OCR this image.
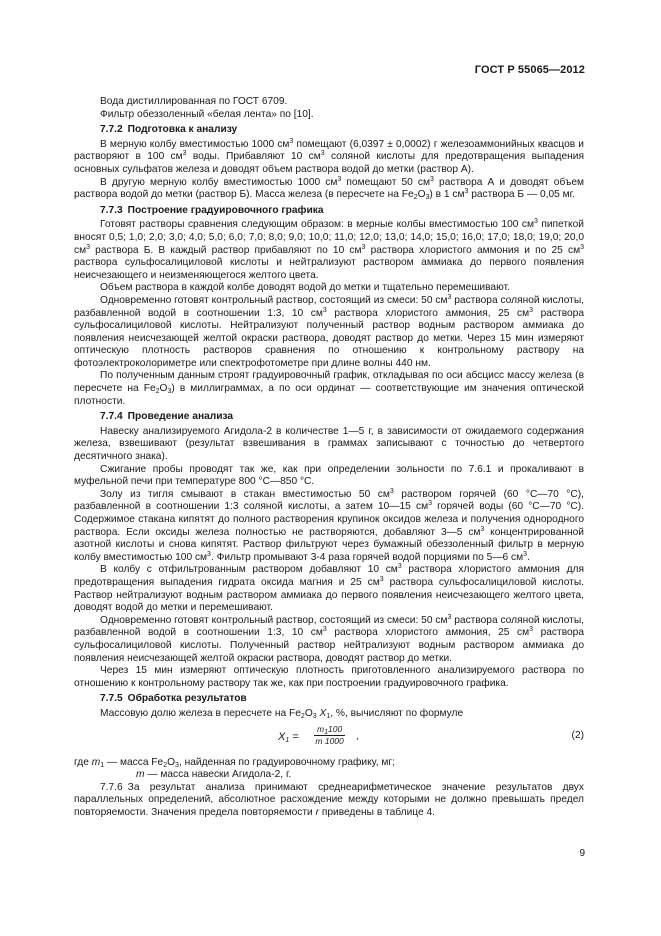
ГОСТ Р 55065—2012

Вода дистиллированная по ГОСТ 6709.

Фильтр обеззоленный «белая лента» по [10].

7.7.2 Подготовка к анализу

В мерную колбу вместимостью 1000 $см^3$ помещают (6,0397 ± 0,0002) г железоаммонийных квасцов и растворяют в 100 $см^3$ воды. Прибавляют 10 $см^3$ соляной кислоты для предотвращения выпадения основных сульфатов железа и доводят объем раствора водой до метки (раствор А).

В другую мерную колбу вместимостью 1000 $см^3$ помещают 50 $см^3$ раствора А и доводят объем раствора водой до метки (раствор Б). Масса железа (в пересчете на $Fe_2O_3$) в 1 $см^3$ раствора Б — 0,05 мг.

7.7.3 Построение градуировочного графика

Готовят растворы сравнения следующим образом: в мерные колбы вместимостью 100 $см^3$ пипеткой вносят 0,5; 1,0; 2,0; 3,0; 4,0; 5,0; 6,0; 7,0; 8,0; 9,0; 10,0; 11,0; 12,0; 13,0; 14,0; 15,0; 16,0; 17,0; 18,0; 19,0; 20,0 $см^3$ раствора Б. В каждый раствор прибавляют по 10 $см^3$ раствора хлористого аммония и по 25 $см^3$ раствора сульфосалициловой кислоты и нейтрализуют раствором аммиака до первого появления неисчезающего и неизменяющегося желтого цвета.

Объем раствора в каждой колбе доводят водой до метки и тщательно перемешивают.

Одновременно готовят контрольный раствор, состоящий из смеси: 50 $см^3$ раствора соляной кислоты, разбавленной водой в соотношении 1:3, 10 $см^3$ раствора хлористого аммония, 25 $см^3$ раствора сульфосалициловой кислоты. Нейтрализуют полученный раствор водным раствором аммиака до появления неисчезающей желтой окраски раствора, доводят раствор до метки. Через 15 мин измеряют оптическую плотность растворов сравнения по отношению к контрольному раствору на фотоэлектроколориметре или спектрофотометре при длине волны 440 нм.

По полученным данным строят градуировочный график, откладывая по оси абсцисс массу железа (в пересчете на $Fe_2O_3$) в миллиграммах, а по оси ординат — соответствующие им значения оптической плотности.

7.7.4 Проведение анализа

Навеску анализируемого Агидола-2 в количестве 1—5 г, в зависимости от ожидаемого содержания железа, взвешивают (результат взвешивания в граммах записывают с точностью до четвертого десятичного знака).

Сжигание пробы проводят так же, как при определении зольности по 7.6.1 и прокаливают в муфельной печи при температуре 800 °С—850 °С.

Золу из тигля смывают в стакан вместимостью 50 $см^3$ раствором горячей (60 °С—70 °С), разбавленной в соотношении 1:3 соляной кислоты, а затем 10—15 $см^3$ горячей воды (60 °С—70 °С). Содержимое стакана кипятят до полного растворения крупинок оксидов железа и получения однородного раствора. Если оксиды железа полностью не растворяются, добавляют 3—5 $см^3$ концентрированной азотной кислоты и снова кипятят. Раствор фильтруют через бумажный обеззоленный фильтр в мерную колбу вместимостью 100 $см^3$. Фильтр промывают 3-4 раза горячей водой порциями по 5—6 $см^3$.

В колбу с отфильтрованным раствором добавляют 10 $см^3$ раствора хлористого аммония для предотвращения выпадения гидрата оксида магния и 25 $см^3$ раствора сульфосалициловой кислоты. Раствор нейтрализуют водным раствором аммиака до первого появления неисчезающего желтого цвета, доводят водой до метки и перемешивают.

Одновременно готовят контрольный раствор, состоящий из смеси: 50 $см^3$ раствора соляной кислоты, разбавленной водой в соотношении 1:3, 10 $см^3$ раствора хлористого аммония, 25 $см^3$ раствора сульфосалициловой кислоты. Полученный раствор нейтрализуют водным раствором аммиака до появления неисчезающей желтой окраски раствора, доводят раствор до метки.

Через 15 мин измеряют оптическую плотность приготовленного анализируемого раствора по отношению к контрольному раствору так же, как при построении градуировочного графика.

7.7.5 Обработка результатов

Массовую долю железа в пересчете на $Fe_2O_3$ $X_1$, %, вычисляют по формуле

$X_1 = \frac{m_1100}{m 1000}$ ,	(2)

где $m_1$ — масса $Fe_2O_3$, найденная по градуировочному графику, мг;

m — масса навески Агидола-2, г.

7.7.6 За результат анализа принимают среднеарифметическое значение результатов двух параллельных определений, абсолютное расхождение между которыми не должно превышать предел повторяемости. Значения предела повторяемости r приведены в таблице 4.

9
